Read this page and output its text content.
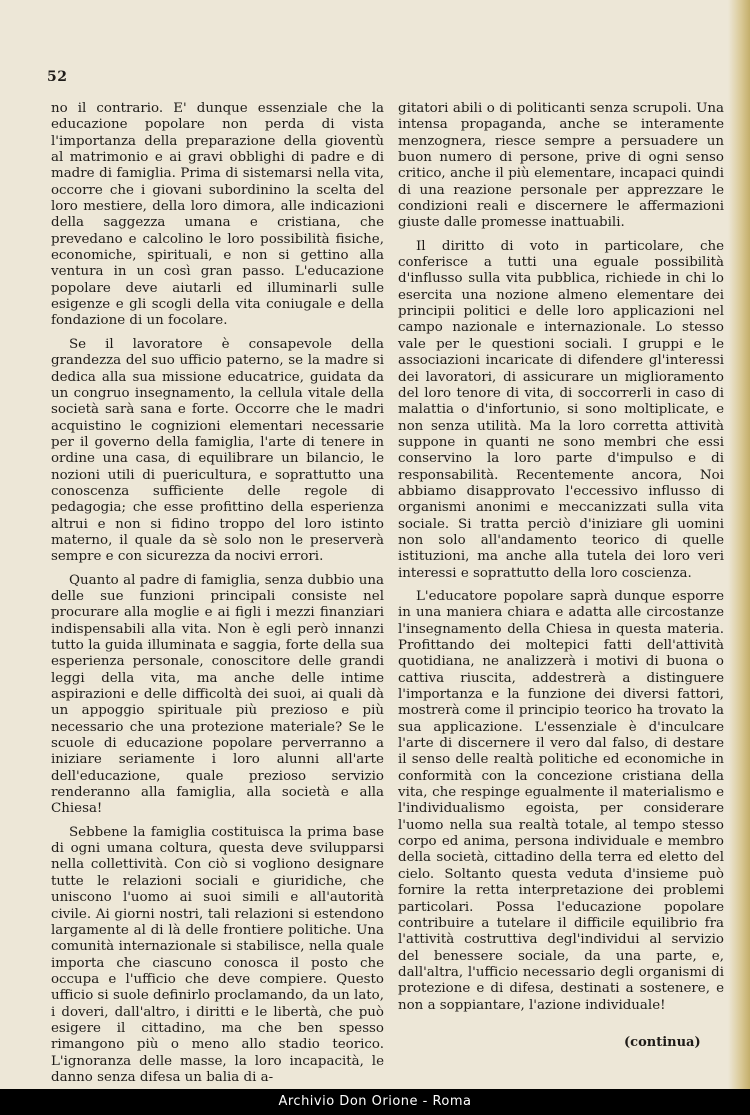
52

no il contrario. E' dunque essenziale che la educazione popolare non perda di vista l'importanza della preparazione della gioventù al matrimonio e ai gravi obblighi di padre e di madre di famiglia. Prima di sistemarsi nella vita, occorre che i giovani subordinino la scelta del loro mestiere, della loro dimora, alle indicazioni della saggezza umana e cristiana, che prevedano e calcolino le loro possibilità fisiche, economiche, spirituali, e non si gettino alla ventura in un così gran passo. L'educazione popolare deve aiutarli ed illuminarli sulle esigenze e gli scogli della vita coniugale e della fondazione di un focolare.

Se il lavoratore è consapevole della grandezza del suo ufficio paterno, se la madre si dedica alla sua missione educatrice, guidata da un congruo insegnamento, la cellula vitale della società sarà sana e forte. Occorre che le madri acquistino le cognizioni elementari necessarie per il governo della famiglia, l'arte di tenere in ordine una casa, di equilibrare un bilancio, le nozioni utili di puericultura, e soprattutto una conoscenza sufficiente delle regole di pedagogia; che esse profittino della esperienza altrui e non si fidino troppo del loro istinto materno, il quale da sè solo non le preserverà sempre e con sicurezza da nocivi errori.

Quanto al padre di famiglia, senza dubbio una delle sue funzioni principali consiste nel procurare alla moglie e ai figli i mezzi finanziari indispensabili alla vita. Non è egli però innanzi tutto la guida illuminata e saggia, forte della sua esperienza personale, conoscitore delle grandi leggi della vita, ma anche delle intime aspirazioni e delle difficoltà dei suoi, ai quali dà un appoggio spirituale più prezioso e più necessario che una protezione materiale? Se le scuole di educazione popolare perverranno a iniziare seriamente i loro alunni all'arte dell'educazione, quale prezioso servizio renderanno alla famiglia, alla società e alla Chiesa!

Sebbene la famiglia costituisca la prima base di ogni umana coltura, questa deve svilupparsi nella collettività. Con ciò si vogliono designare tutte le relazioni sociali e giuridiche, che uniscono l'uomo ai suoi simili e all'autorità civile. Ai giorni nostri, tali relazioni si estendono largamente al di là delle frontiere politiche. Una comunità internazionale si stabilisce, nella quale importa che ciascuno conosca il posto che occupa e l'ufficio che deve compiere. Questo ufficio si suole definirlo proclamando, da un lato, i doveri, dall'altro, i diritti e le libertà, che può esigere il cittadino, ma che ben spesso rimangono più o meno allo stadio teorico. L'ignoranza delle masse, la loro incapacità, le danno senza difesa un balia di a-

gitatori abili o di politicanti senza scrupoli. Una intensa propaganda, anche se interamente menzognera, riesce sempre a persuadere un buon numero di persone, prive di ogni senso critico, anche il più elementare, incapaci quindi di una reazione personale per apprezzare le condizioni reali e discernere le affermazioni giuste dalle promesse inattuabili.

Il diritto di voto in particolare, che conferisce a tutti una eguale possibilità d'influsso sulla vita pubblica, richiede in chi lo esercita una nozione almeno elementare dei principii politici e delle loro applicazioni nel campo nazionale e internazionale. Lo stesso vale per le questioni sociali. I gruppi e le associazioni incaricate di difendere gl'interessi dei lavoratori, di assicurare un miglioramento del loro tenore di vita, di soccorrerli in caso di malattia o d'infortunio, si sono moltiplicate, e non senza utilità. Ma la loro corretta attività suppone in quanti ne sono membri che essi conservino la loro parte d'impulso e di responsabilità. Recentemente ancora, Noi abbiamo disapprovato l'eccessivo influsso di organismi anonimi e meccanizzati sulla vita sociale. Si tratta perciò d'iniziare gli uomini non solo all'andamento teorico di quelle istituzioni, ma anche alla tutela dei loro veri interessi e soprattutto della loro coscienza.

L'educatore popolare saprà dunque esporre in una maniera chiara e adatta alle circostanze l'insegnamento della Chiesa in questa materia. Profittando dei moltepici fatti dell'attività quotidiana, ne analizzerà i motivi di buona o cattiva riuscita, addestrerà a distinguere l'importanza e la funzione dei diversi fattori, mostrerà come il principio teorico ha trovato la sua applicazione. L'essenziale è d'inculcare l'arte di discernere il vero dal falso, di destare il senso delle realtà politiche ed economiche in conformità con la concezione cristiana della vita, che respinge egualmente il materialismo e l'individualismo egoista, per considerare l'uomo nella sua realtà totale, al tempo stesso corpo ed anima, persona individuale e membro della società, cittadino della terra ed eletto del cielo. Soltanto questa veduta d'insieme può fornire la retta interpretazione dei problemi particolari. Possa l'educazione popolare contribuire a tutelare il difficile equilibrio fra l'attività costruttiva degl'individui al servizio del benessere sociale, da una parte, e, dall'altra, l'ufficio necessario degli organismi di protezione e di difesa, destinati a sostenere, e non a soppiantare, l'azione individuale!

(continua)
Archivio Don Orione - Roma
